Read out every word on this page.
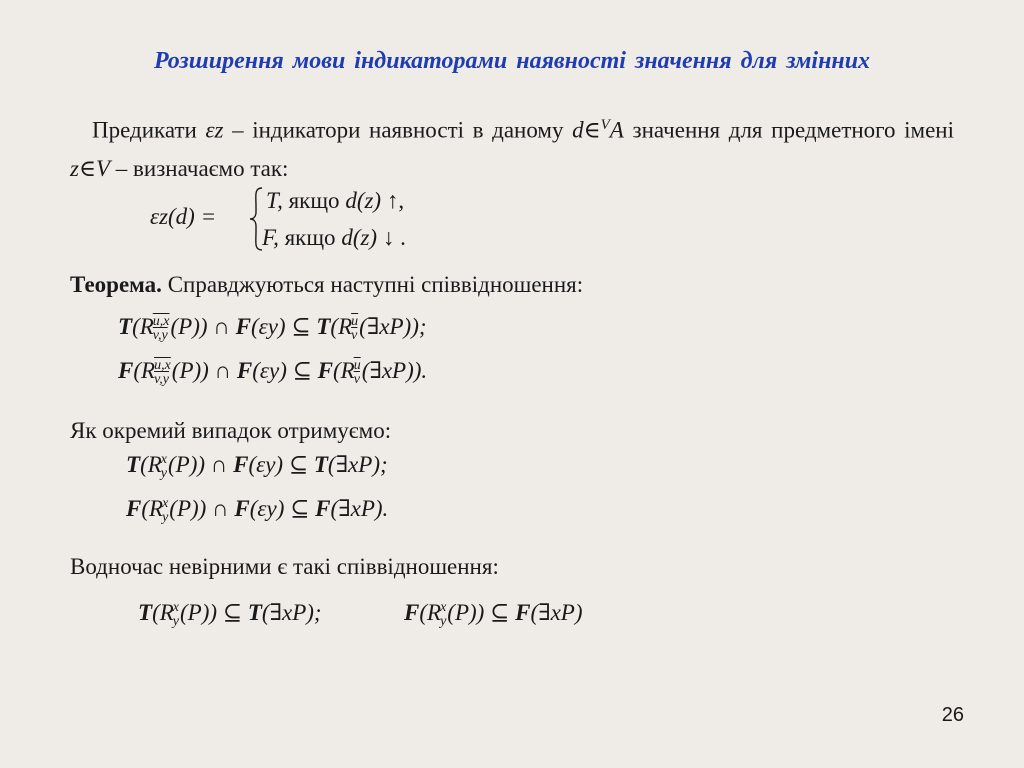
Розширення мови індикаторами наявності значення для змінних
Предикати εz – індикатори наявності в даному d∈$^V$A значення для предметного імені z∈V – визначаємо так:
εz(d) =
T, якщо d(z) ↑,
F, якщо d(z) ↓ .
Теорема. Справджуються наступні співвідношення:
$T(R \frac{u,x}{v,y} (P))$ ∩ F(εy) ⊆ $T(R \frac{\overline{u}}{v}$ (∃xP));
$F(R \frac{u,x}{v,y} (P))$ ∩ F(εy) ⊆ $F(R \frac{\overline{u}}{v}$ (∃xP)).
Як окремий випадок отримуємо:
T(R x
y (P)) ∩ F(εy) ⊆ T(∃xP);
F(R x
y (P)) ∩ F(εy) ⊆ F(∃xP).
Водночас невірними є такі співвідношення:
T(R x
y (P)) ⊆ T(∃xP);	F(R x
y (P)) ⊆ F(∃xP)
26
